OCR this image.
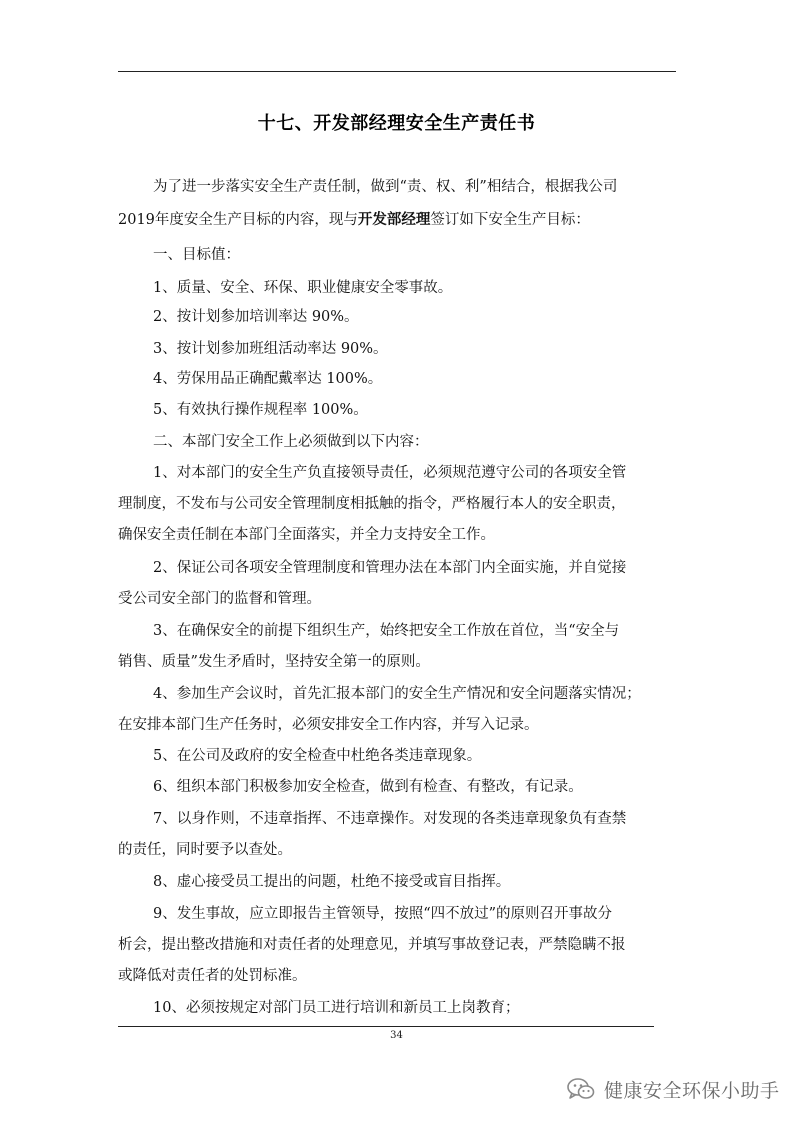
十七、开发部经理安全生产责任书
为了进一步落实安全生产责任制，做到“责、权、利”相结合，根据我公司
2019年度安全生产目标的内容，现与开发部经理签订如下安全生产目标：
一、目标值：
1、质量、安全、环保、职业健康安全零事故。
2、按计划参加培训率达 90%。
3、按计划参加班组活动率达 90%。
4、劳保用品正确配戴率达 100%。
5、有效执行操作规程率 100%。
二、本部门安全工作上必须做到以下内容：
1、对本部门的安全生产负直接领导责任，必须规范遵守公司的各项安全管
理制度，不发布与公司安全管理制度相抵触的指令，严格履行本人的安全职责，
确保安全责任制在本部门全面落实，并全力支持安全工作。
2、保证公司各项安全管理制度和管理办法在本部门内全面实施，并自觉接
受公司安全部门的监督和管理。
3、在确保安全的前提下组织生产，始终把安全工作放在首位，当“安全与
销售、质量”发生矛盾时，坚持安全第一的原则。
4、参加生产会议时，首先汇报本部门的安全生产情况和安全问题落实情况；
在安排本部门生产任务时，必须安排安全工作内容，并写入记录。
5、在公司及政府的安全检查中杜绝各类违章现象。
6、组织本部门积极参加安全检查，做到有检查、有整改，有记录。
7、以身作则，不违章指挥、不违章操作。对发现的各类违章现象负有查禁
的责任，同时要予以查处。
8、虚心接受员工提出的问题，杜绝不接受或盲目指挥。
9、发生事故，应立即报告主管领导，按照“四不放过”的原则召开事故分
析会，提出整改措施和对责任者的处理意见，并填写事故登记表，严禁隐瞒不报
或降低对责任者的处罚标准。
10、必须按规定对部门员工进行培训和新员工上岗教育；
34
健康安全环保小助手
